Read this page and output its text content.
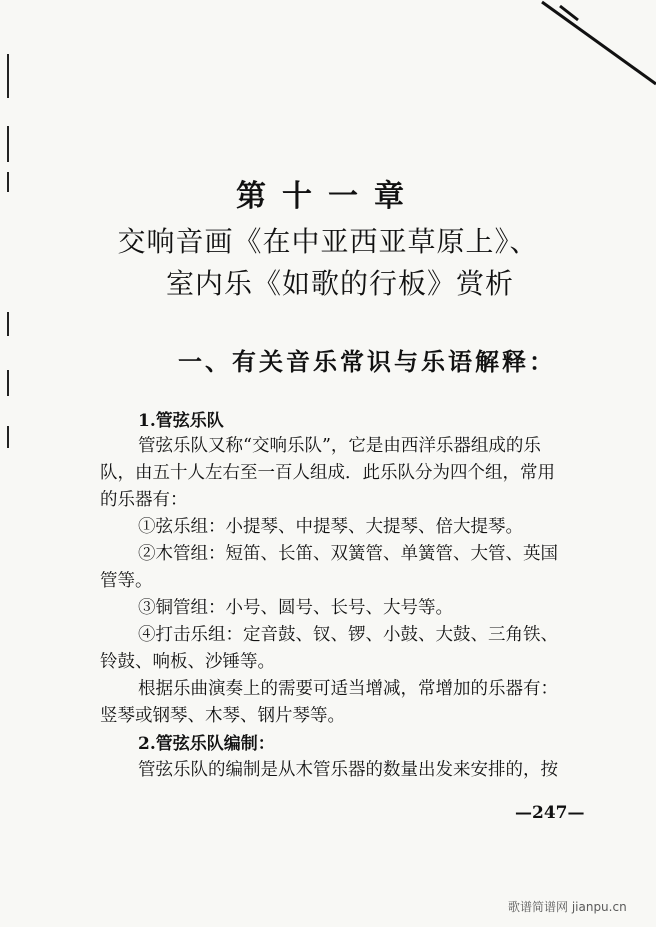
第十一章
交响音画《在中亚西亚草原上》、
室内乐《如歌的行板》赏析
一、有关音乐常识与乐语解释：
1.管弦乐队
管弦乐队又称“交响乐队”，它是由西洋乐器组成的乐
队，由五十人左右至一百人组成．此乐队分为四个组，常用
的乐器有：
①弦乐组：小提琴、中提琴、大提琴、倍大提琴。
②木管组：短笛、长笛、双簧管、单簧管、大管、英国
管等。
③铜管组：小号、圆号、长号、大号等。
④打击乐组：定音鼓、钗、锣、小鼓、大鼓、三角铁、
铃鼓、响板、沙锤等。
根据乐曲演奏上的需要可适当增减，常增加的乐器有：
竖琴或钢琴、木琴、钢片琴等。
2.管弦乐队编制：
管弦乐队的编制是从木管乐器的数量出发来安排的，按
—247—
歌谱简谱网 jianpu.cn
